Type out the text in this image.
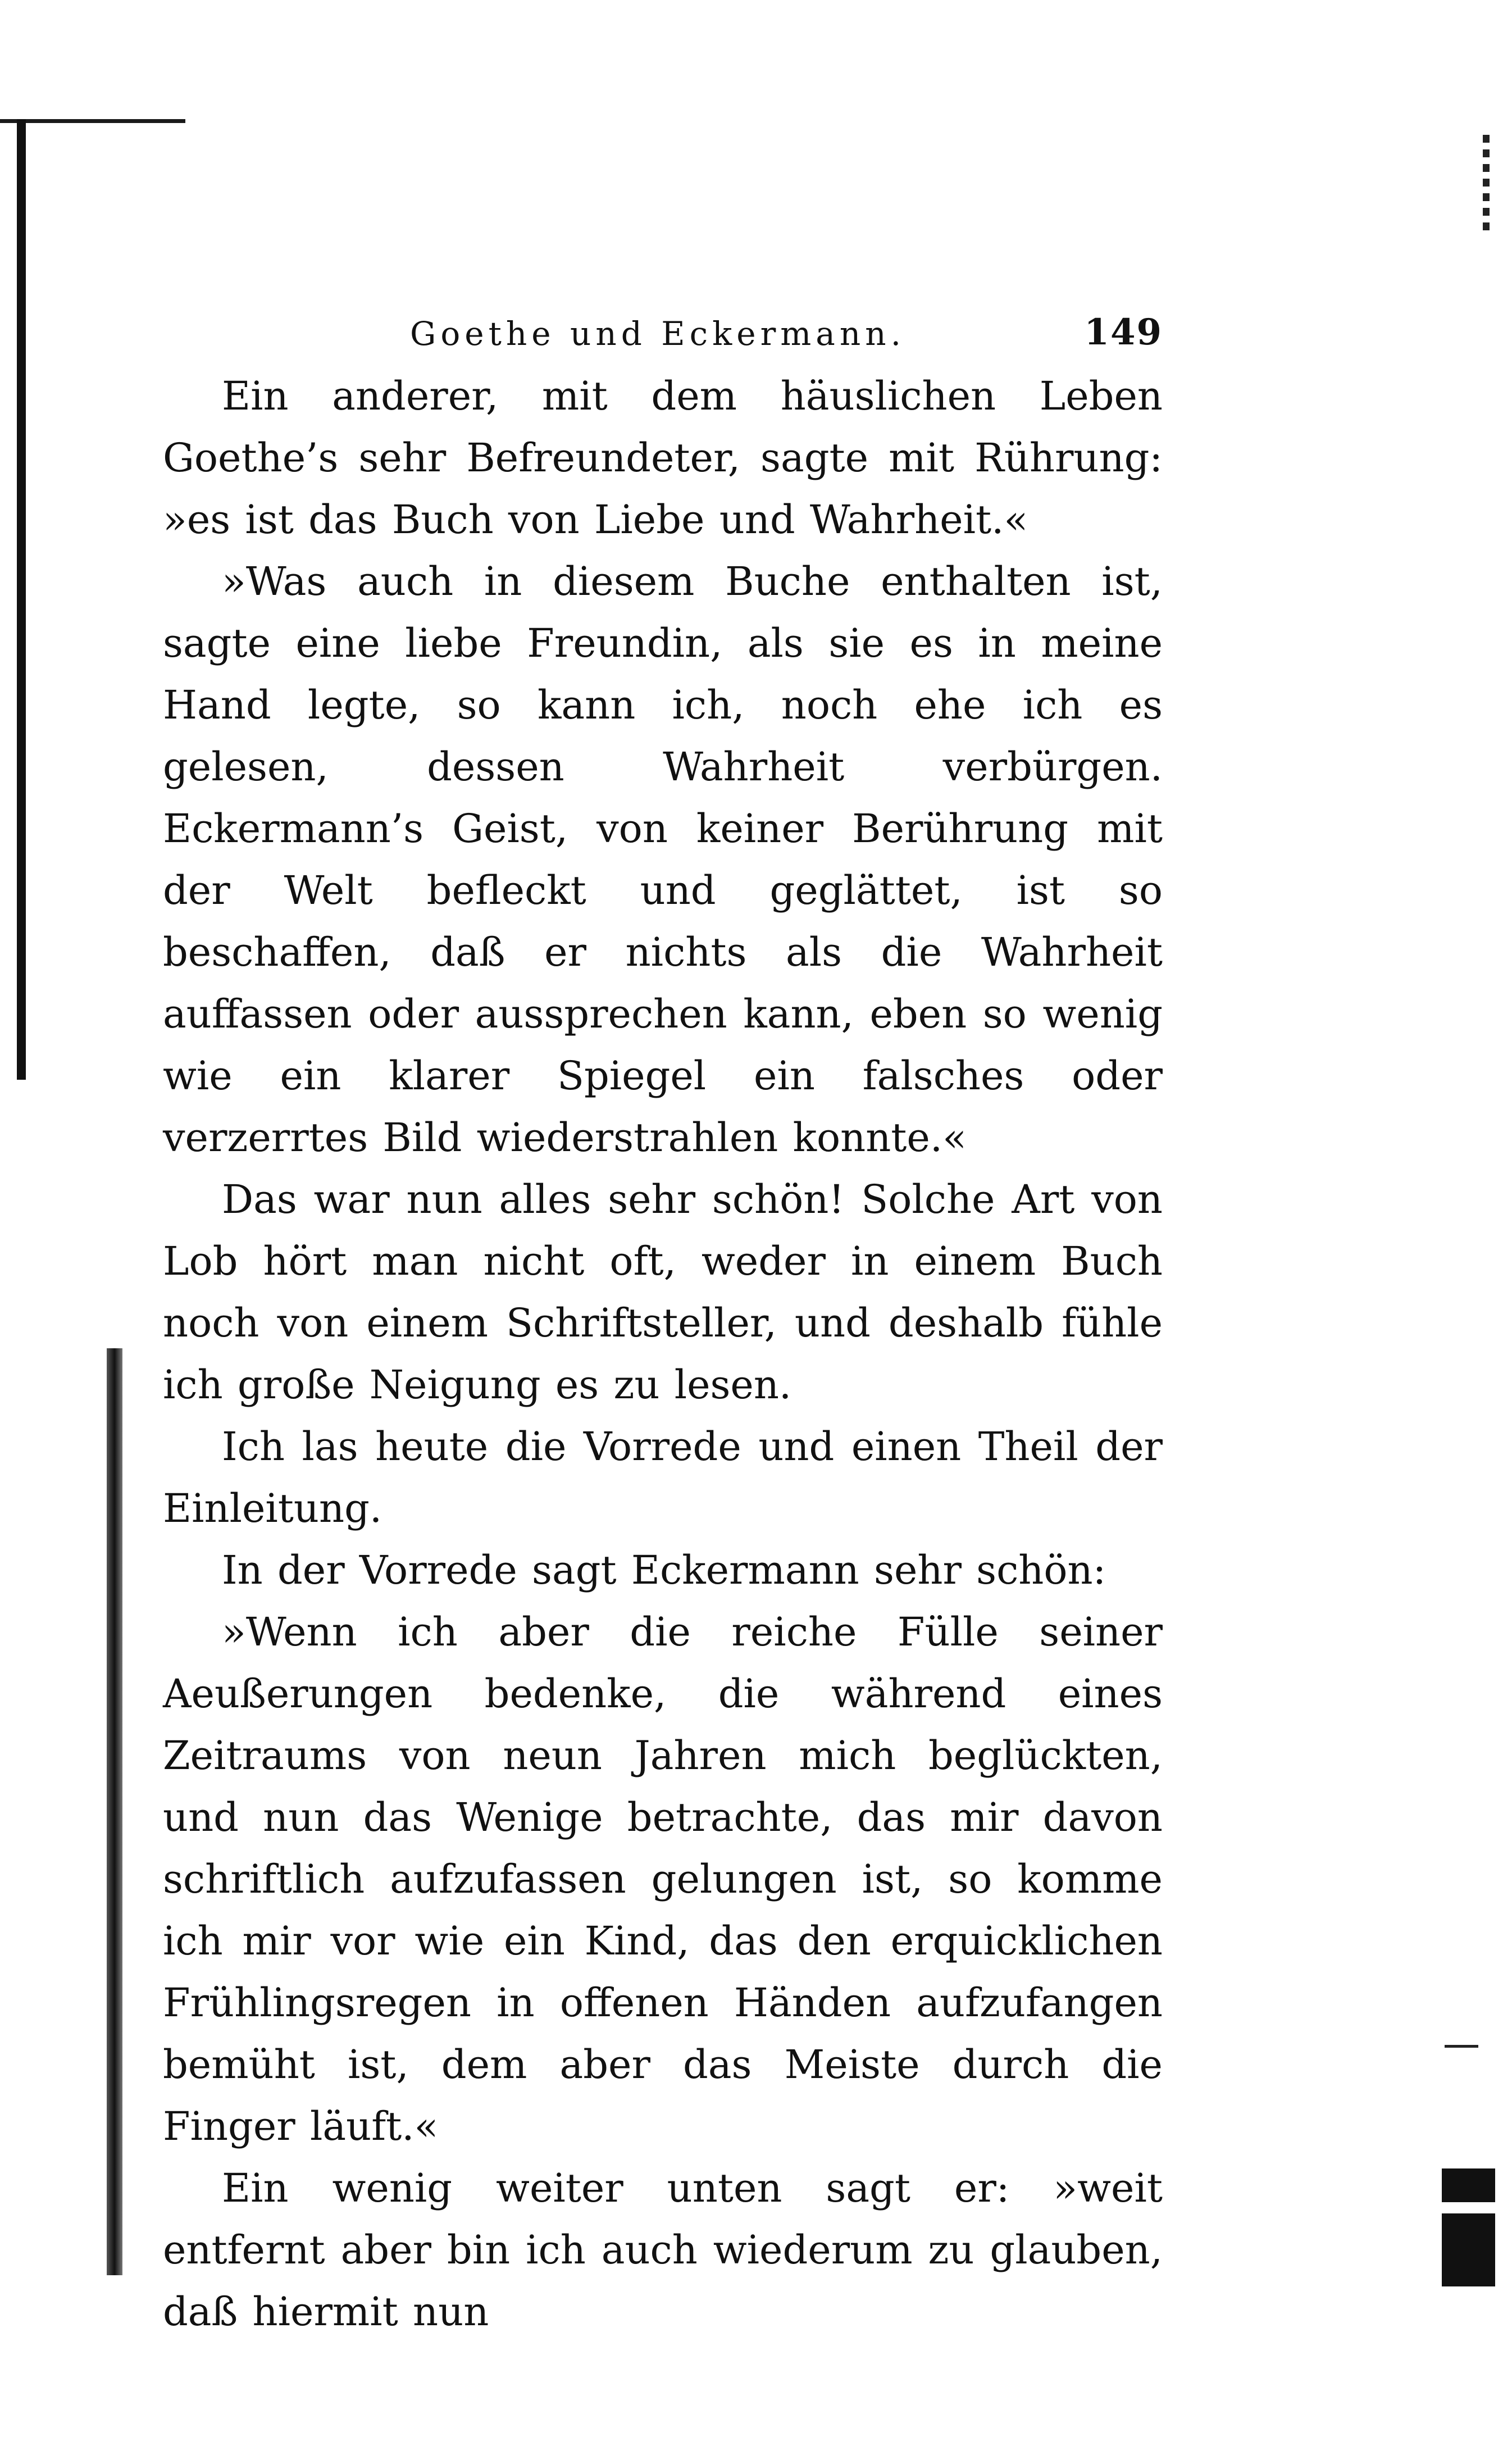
Goethe und Eckermann.	149

Ein anderer, mit dem häuslichen Leben Goethe’s sehr Befreundeter, sagte mit Rührung: »es ist das Buch von Liebe und Wahrheit.«

»Was auch in diesem Buche enthalten ist, sagte eine liebe Freundin, als sie es in meine Hand legte, so kann ich, noch ehe ich es gelesen, dessen Wahrheit verbürgen. Eckermann’s Geist, von keiner Berührung mit der Welt befleckt und geglättet, ist so beschaffen, daß er nichts als die Wahrheit auffassen oder aussprechen kann, eben so wenig wie ein klarer Spiegel ein falsches oder verzerrtes Bild wiederstrahlen konnte.«

Das war nun alles sehr schön! Solche Art von Lob hört man nicht oft, weder in einem Buch noch von einem Schriftsteller, und deshalb fühle ich große Neigung es zu lesen.

Ich las heute die Vorrede und einen Theil der Einleitung.

In der Vorrede sagt Eckermann sehr schön:

»Wenn ich aber die reiche Fülle seiner Aeußerungen bedenke, die während eines Zeitraums von neun Jahren mich beglückten, und nun das Wenige betrachte, das mir davon schriftlich aufzufassen gelungen ist, so komme ich mir vor wie ein Kind, das den erquicklichen Frühlingsregen in offenen Händen aufzufangen bemüht ist, dem aber das Meiste durch die Finger läuft.«

Ein wenig weiter unten sagt er: »weit entfernt aber bin ich auch wiederum zu glauben, daß hiermit nun
